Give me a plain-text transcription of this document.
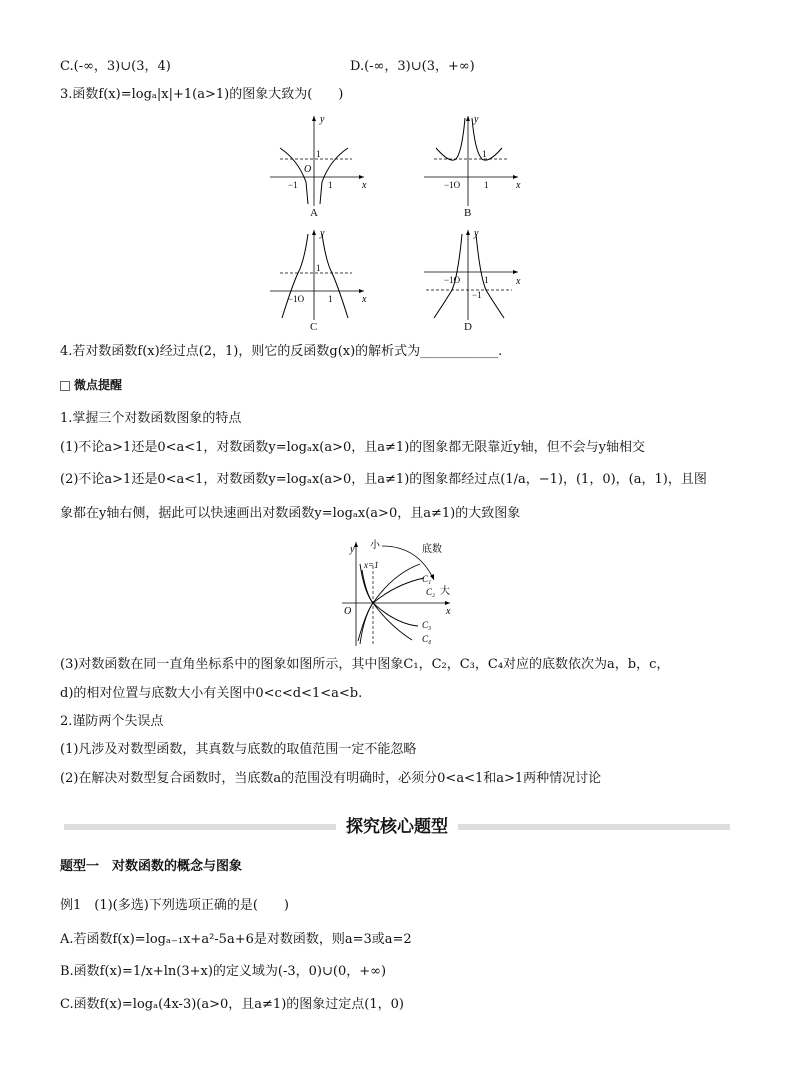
C.(-∞，3)∪(3，4)	D.(-∞，3)∪(3，+∞)
3.函数f(x)=logₐ|x|+1(a>1)的图象大致为(　　)
y
x
1
O
−1	1
A
y
x
1
−1O	1
B
y
x
1
−1O	1
C
y
x
−1O	1
−1
D
4.若对数函数f(x)经过点(2，1)，则它的反函数g(x)的解析式为____________.
微点提醒
1.掌握三个对数函数图象的特点
(1)不论a>1还是0<a<1，对数函数y=logₐx(a>0，且a≠1)的图象都无限靠近y轴，但不会与y轴相交
(2)不论a>1还是0<a<1，对数函数y=logₐx(a>0，且a≠1)的图象都经过点(1/a，−1)，(1，0)，(a，1)，且图
象都在y轴右侧，据此可以快速画出对数函数y=logₐx(a>0，且a≠1)的大致图象
y
x
O
x=1
小	底数
C₁
C₂ 大
C₃
C₄
(3)对数函数在同一直角坐标系中的图象如图所示，其中图象C₁，C₂，C₃，C₄对应的底数依次为a，b，c，
d)的相对位置与底数大小有关图中0<c<d<1<a<b.
2.谨防两个失误点
(1)凡涉及对数型函数，其真数与底数的取值范围一定不能忽略
(2)在解决对数型复合函数时，当底数a的范围没有明确时，必须分0<a<1和a>1两种情况讨论
探究核心题型
题型一　对数函数的概念与图象
例1　(1)(多选)下列选项正确的是(　　)
A.若函数f(x)=logₐ₋₁x+a²-5a+6是对数函数，则a=3或a=2
B.函数f(x)=1/x+ln(3+x)的定义域为(-3，0)∪(0，+∞)
C.函数f(x)=logₐ(4x-3)(a>0，且a≠1)的图象过定点(1，0)
